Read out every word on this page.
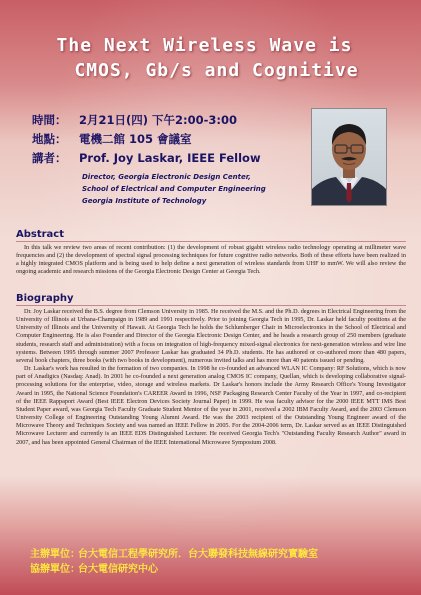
The Next Wireless Wave is
CMOS, Gb/s and Cognitive
時間： 2月21日(四) 下午2:00-3:00
地點： 電機二館 105 會議室
講者： Prof. Joy Laskar, IEEE Fellow
Director, Georgia Electronic Design Center,
School of Electrical and Computer Engineering
Georgia Institute of Technology
Abstract

In this talk we review two areas of recent contribution: (1) the development of robust gigabit wireless radio technology operating at millimeter wave frequencies and (2) the development of spectral signal processing techniques for future cognitive radio networks. Both of these efforts have been realized in a highly integrated CMOS platform and is being used to help define a next generation of wireless standards from UHF to mmW. We will also review the ongoing academic and research missions of the Georgia Electronic Design Center at Georgia Tech.

Biography

Dr. Joy Laskar received the B.S. degree from Clemson University in 1985. He received the M.S. and the Ph.D. degrees in Electrical Engineering from the University of Illinois at Urbana-Champaign in 1989 and 1991 respectively. Prior to joining Georgia Tech in 1995, Dr. Laskar held faculty positions at the University of Illinois and the University of Hawaii. At Georgia Tech he holds the Schlumberger Chair in Microelectronics in the School of Electrical and Computer Engineering. He is also Founder and Director of the Georgia Electronic Design Center, and he heads a research group of 250 members (graduate students, research staff and administration) with a focus on integration of high-frequency mixed-signal electronics for next-generation wireless and wire line systems. Between 1995 through summer 2007 Professor Laskar has graduated 34 Ph.D. students. He has authored or co-authored more than 480 papers, several book chapters, three books (with two books in development), numerous invited talks and has more than 40 patents issued or pending.

Dr. Laskar's work has resulted in the formation of two companies. In 1998 he co-founded an advanced WLAN IC Company: RF Solutions, which is now part of Anadigics (Nasdaq: Anad). In 2001 he co-founded a next generation analog CMOS IC company, Quellan, which is developing collaborative signal-processing solutions for the enterprise, video, storage and wireless markets. Dr Laskar's honors include the Army Research Office's Young Investigator Award in 1995, the National Science Foundation's CAREER Award in 1996, NSF Packaging Research Center Faculty of the Year in 1997, and co-recipient of the IEEE Rappaport Award (Best IEEE Electron Devices Society Journal Paper) in 1999. He was faculty advisor for the 2000 IEEE MTT IMS Best Student Paper award, was Georgia Tech Faculty Graduate Student Mentor of the year in 2001, received a 2002 IBM Faculty Award, and the 2003 Clemson University College of Engineering Outstanding Young Alumni Award. He was the 2003 recipient of the Outstanding Young Engineer award of the Microwave Theory and Techniques Society and was named an IEEE Fellow in 2005. For the 2004-2006 term, Dr. Laskar served as an IEEE Distinguished Microwave Lecturer and currently is an IEEE EDS Distinguished Lecturer. He received Georgia Tech's "Outstanding Faculty Research Author" award in 2007, and has been appointed General Chairman of the IEEE International Microwave Symposium 2008.

主辦單位：台大電信工程學研究所．台大聯發科技無線研究實驗室
協辦單位：台大電信研究中心
